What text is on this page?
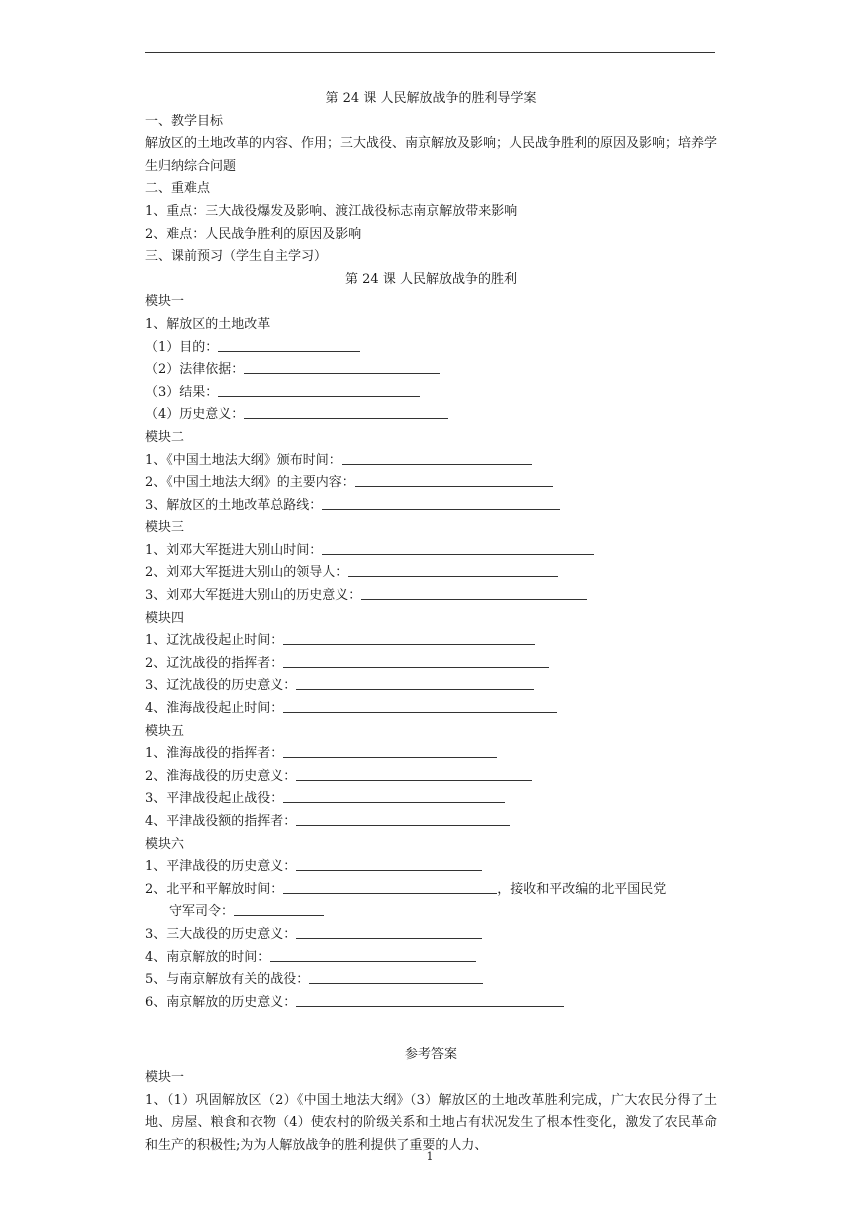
第 24 课 人民解放战争的胜利导学案
一、教学目标
解放区的土地改革的内容、作用；三大战役、南京解放及影响；人民战争胜利的原因及影响；培养学生归纳综合问题
二、重难点
1、重点：三大战役爆发及影响、渡江战役标志南京解放带来影响
2、难点：人民战争胜利的原因及影响
三、课前预习（学生自主学习）
第 24 课 人民解放战争的胜利
模块一
1、解放区的土地改革
（1）目的：
（2）法律依据：
（3）结果：
（4）历史意义：
模块二
1、《中国土地法大纲》颁布时间：
2、《中国土地法大纲》的主要内容：
3、解放区的土地改革总路线：
模块三
1、刘邓大军挺进大别山时间：
2、刘邓大军挺进大别山的领导人：
3、刘邓大军挺进大别山的历史意义：
模块四
1、辽沈战役起止时间：
2、辽沈战役的指挥者：
3、辽沈战役的历史意义：
4、淮海战役起止时间：
模块五
1、淮海战役的指挥者：
2、淮海战役的历史意义：
3、平津战役起止战役：
4、平津战役额的指挥者：
模块六
1、平津战役的历史意义：
2、北平和平解放时间：	，接收和平改编的北平国民党
守军司令：
3、三大战役的历史意义：
4、南京解放的时间：
5、与南京解放有关的战役：
6、南京解放的历史意义：
参考答案
模块一
1、（1）巩固解放区（2）《中国土地法大纲》（3）解放区的土地改革胜利完成，广大农民分得了土地、房屋、粮食和衣物（4）使农村的阶级关系和土地占有状况发生了根本性变化，激发了农民革命和生产的积极性;为为人解放战争的胜利提供了重要的人力、
1
